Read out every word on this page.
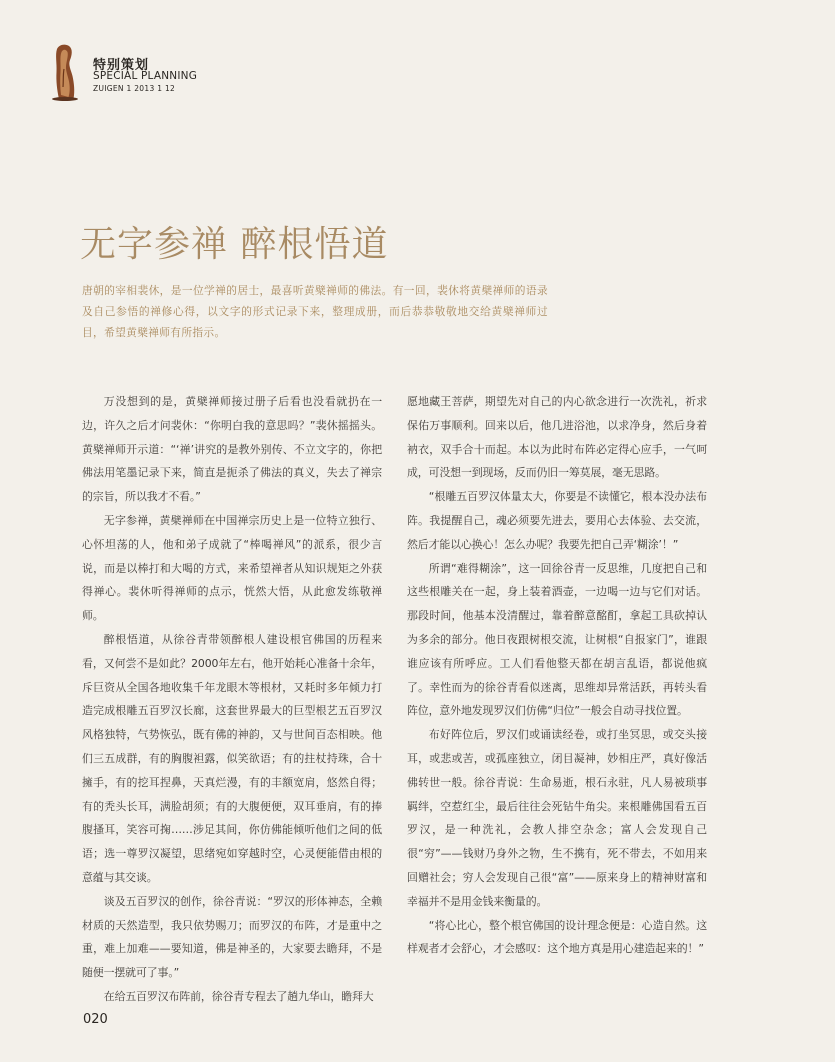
特别策划
SPECIAL PLANNING
ZUIGEN 1 2013 1 12
无字参禅 醉根悟道
唐朝的宰相裴休，是一位学禅的居士，最喜听黄檗禅师的佛法。有一回，裴休将黄檗禅师的语录及自己参悟的禅修心得，以文字的形式记录下来，整理成册，而后恭恭敬敬地交给黄檗禅师过目，希望黄檗禅师有所指示。

万没想到的是，黄檗禅师接过册子后看也没看就扔在一边，许久之后才问裴休：“你明白我的意思吗？”裴休摇摇头。黄檗禅师开示道：“‘禅’讲究的是教外别传、不立文字的，你把佛法用笔墨记录下来，简直是扼杀了佛法的真义，失去了禅宗的宗旨，所以我才不看。”

无字参禅，黄檗禅师在中国禅宗历史上是一位特立独行、心怀坦荡的人，他和弟子成就了“棒喝禅风”的派系，很少言说，而是以棒打和大喝的方式，来希望禅者从知识规矩之外获得禅心。裴休听得禅师的点示，恍然大悟，从此愈发练敬禅师。

醉根悟道，从徐谷青带领醉根人建设根官佛国的历程来看，又何尝不是如此？2000年左右，他开始耗心准备十余年，斥巨资从全国各地收集千年龙眼木等根材，又耗时多年倾力打造完成根雕五百罗汉长廊，这套世界最大的巨型根艺五百罗汉风格独特，气势恢弘，既有佛的神韵，又与世间百态相映。他们三五成群，有的胸腹袒露，似笑欲语；有的拄杖持珠，合十擁手，有的挖耳捏鼻，天真烂漫，有的丰额宽肩，悠然自得；有的秃头长耳，满脸胡须；有的大腹便便，双耳垂肩，有的捧腹搔耳，笑容可掬……涉足其间，你仿佛能倾听他们之间的低语；选一尊罗汉凝望，思绪宛如穿越时空，心灵便能借由根的意蕴与其交谈。

谈及五百罗汉的创作，徐谷青说：“罗汉的形体神态，全赖材质的天然造型，我只依势赐刀；而罗汉的布阵，才是重中之重，难上加难——要知道，佛是神圣的，大家要去瞻拜，不是随便一摆就可了事。”

在给五百罗汉布阵前，徐谷青专程去了趟九华山，瞻拜大

愿地藏王菩萨，期望先对自己的内心欲念进行一次洗礼，祈求保佑万事顺利。回来以后，他几进浴池，以求净身，然后身着衲衣，双手合十而起。本以为此时布阵必定得心应手，一气呵成，可没想一到现场，反而仍旧一筹莫展，毫无思路。

“根雕五百罗汉体量太大，你要是不读懂它，根本没办法布阵。我提醒自己，魂必须要先进去，要用心去体验、去交流，然后才能以心换心！怎么办呢？我要先把自己弄‘糊涂’！”

所谓“难得糊涂”，这一回徐谷青一反思维，几度把自己和这些根雕关在一起，身上装着酒壶，一边喝一边与它们对话。那段时间，他基本没清醒过，靠着醉意酩酊，拿起工具砍掉认为多余的部分。他日夜跟树根交流，让树根“自报家门”，谁跟谁应该有所呼应。工人们看他整天都在胡言乱语，都说他疯了。幸性而为的徐谷青看似迷离，思维却异常活跃，再转头看阵位，意外地发现罗汉们仿佛“归位”一般会自动寻找位置。

布好阵位后，罗汉们或诵读经卷，或打坐冥思，或交头接耳，或悲或苦，或孤座独立，闭目凝神，妙相庄严，真好像活佛转世一般。徐谷青说：生命易逝，根石永驻，凡人易被琐事羁绊，空惹红尘，最后往往会死钻牛角尖。来根雕佛国看五百罗汉，是一种洗礼，会教人排空杂念；富人会发现自己很“穷”——钱财乃身外之物，生不携有，死不带去，不如用来回赠社会；穷人会发现自己很“富”——原来身上的精神财富和幸福并不是用金钱来衡量的。

“将心比心，整个根官佛国的设计理念便是：心造自然。这样观者才会舒心，才会感叹：这个地方真是用心建造起来的！”

020
